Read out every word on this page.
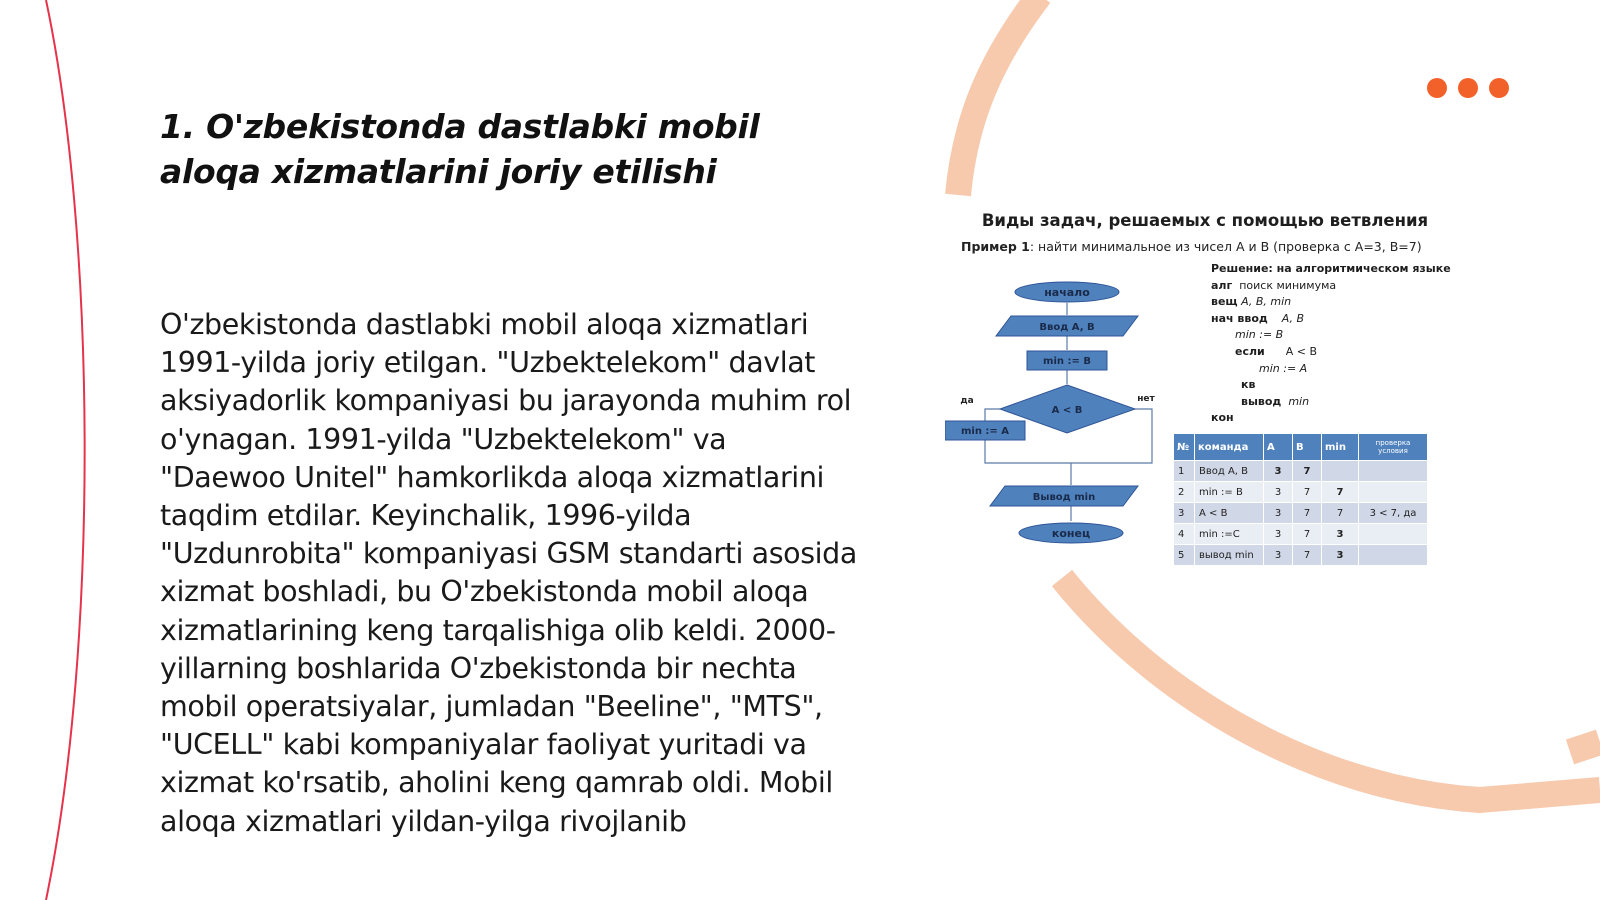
1. O'zbekistonda dastlabki mobil aloqa xizmatlarini joriy etilishi

O'zbekistonda dastlabki mobil aloqa xizmatlari 1991-yilda joriy etilgan. "Uzbektelekom" davlat aksiyadorlik kompaniyasi bu jarayonda muhim rol o'ynagan. 1991-yilda "Uzbektelekom" va "Daewoo Unitel" hamkorlikda aloqa xizmatlarini taqdim etdilar. Keyinchalik, 1996-yilda "Uzdunrobita" kompaniyasi GSM standarti asosida xizmat boshladi, bu O'zbekistonda mobil aloqa xizmatlarining keng tarqalishiga olib keldi. 2000-yillarning boshlarida O'zbekistonda bir nechta mobil operatsiyalar, jumladan "Beeline", "MTS", "UCELL" kabi kompaniyalar faoliyat yuritadi va xizmat ko'rsatib, aholini keng qamrab oldi. Mobil aloqa xizmatlari yildan-yilga rivojlanib

Виды задач, решаемых с помощью ветвления
Пример 1: найти минимальное из чисел А и В (проверка с А=3, В=7)
начало
Ввод A, B
min := B
A < B
min := A
Вывод min
конец
да	нет
Решение: на алгоритмическом языке
алг поиск минимума
вещ A, B, min
нач ввод A, B
min := B
если A < B
min := A
кв
вывод min
кон
№	команда	A	B	min	проверка условия
1	Ввод A, B	3	7		
2	min := B	3	7	7	
3	A < B	3	7	7	3 < 7, да
4	min :=C	3	7	3	
5	вывод min	3	7	3	
